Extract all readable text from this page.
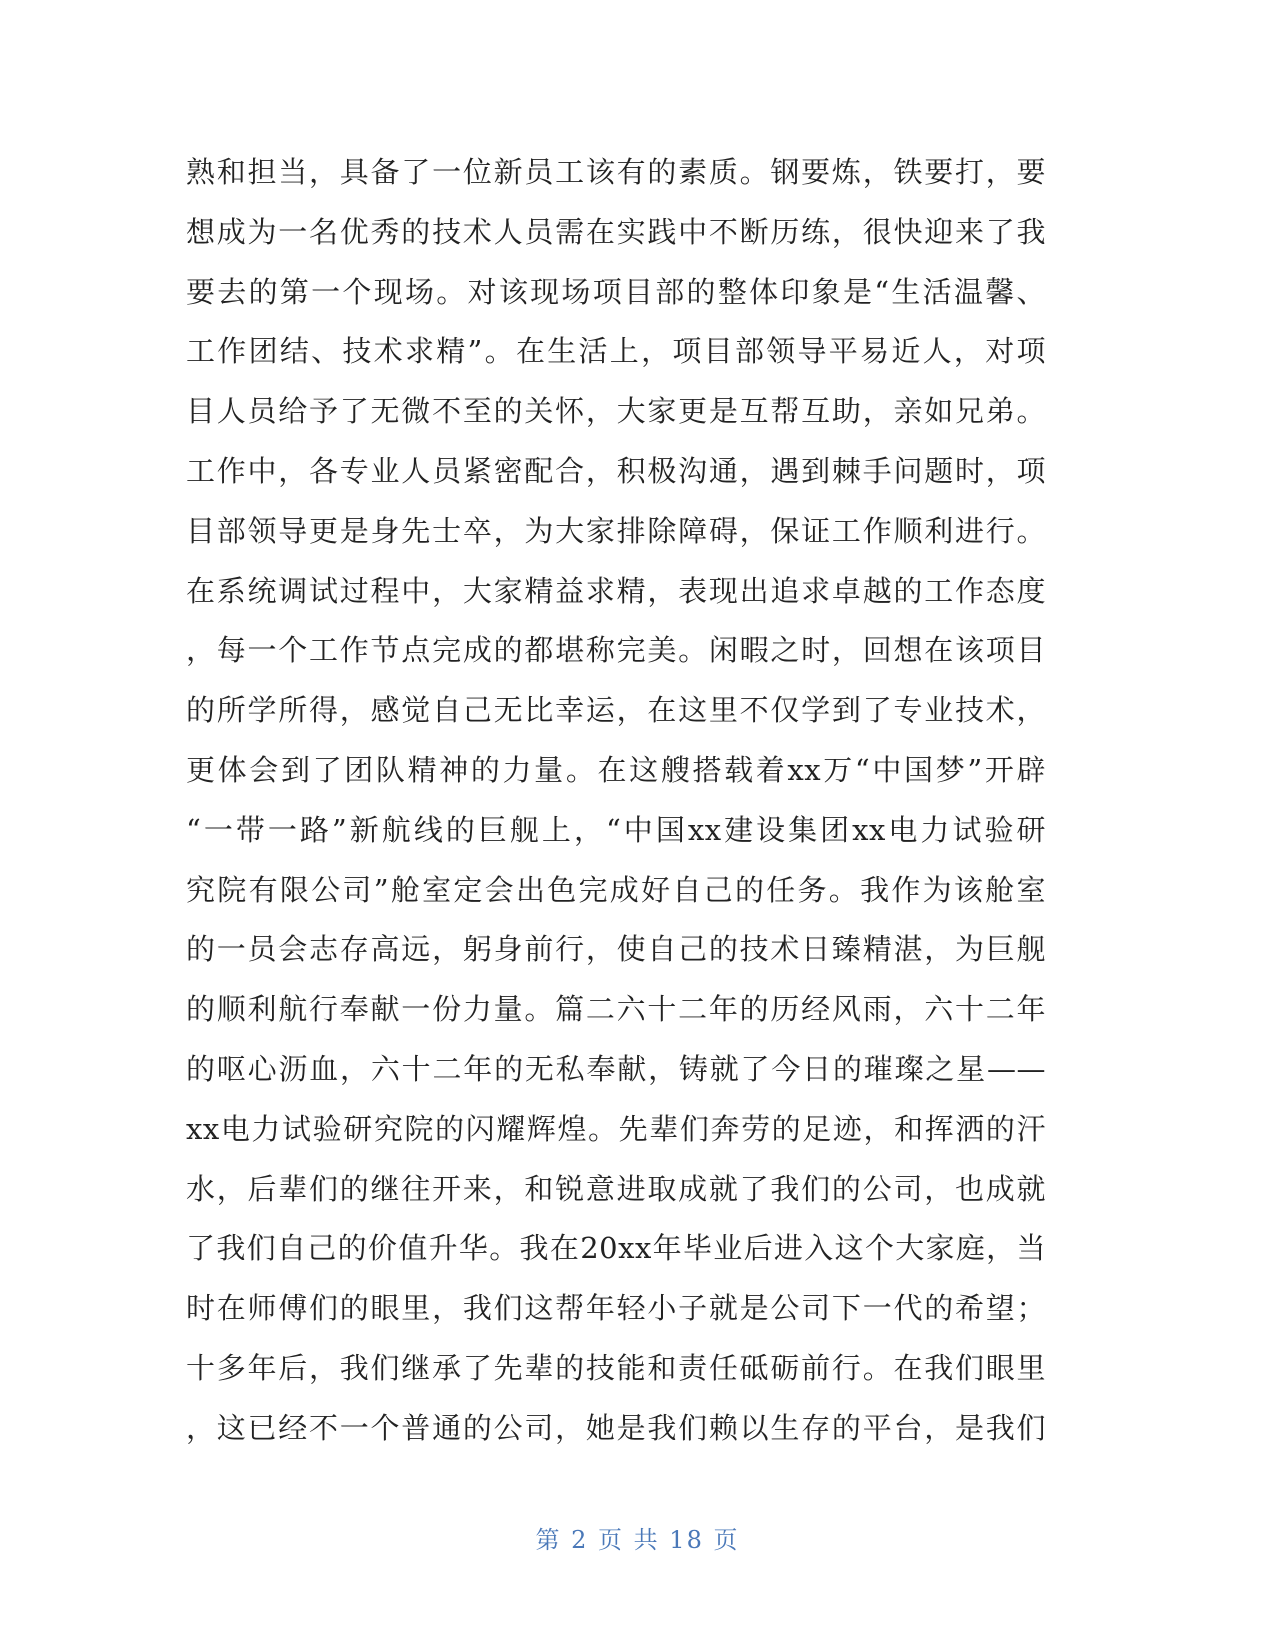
熟和担当，具备了一位新员工该有的素质。钢要炼，铁要打，要
想成为一名优秀的技术人员需在实践中不断历练，很快迎来了我
要去的第一个现场。对该现场项目部的整体印象是“生活温馨、
工作团结、技术求精”。在生活上，项目部领导平易近人，对项
目人员给予了无微不至的关怀，大家更是互帮互助，亲如兄弟。
工作中，各专业人员紧密配合，积极沟通，遇到棘手问题时，项
目部领导更是身先士卒，为大家排除障碍，保证工作顺利进行。
在系统调试过程中，大家精益求精，表现出追求卓越的工作态度
，每一个工作节点完成的都堪称完美。闲暇之时，回想在该项目
的所学所得，感觉自己无比幸运，在这里不仅学到了专业技术，
更体会到了团队精神的力量。在这艘搭载着xx万“中国梦”开辟
“一带一路”新航线的巨舰上，“中国xx建设集团xx电力试验研
究院有限公司”舱室定会出色完成好自己的任务。我作为该舱室
的一员会志存高远，躬身前行，使自己的技术日臻精湛，为巨舰
的顺利航行奉献一份力量。篇二六十二年的历经风雨，六十二年
的呕心沥血，六十二年的无私奉献，铸就了今日的璀璨之星——
xx电力试验研究院的闪耀辉煌。先辈们奔劳的足迹，和挥洒的汗
水，后辈们的继往开来，和锐意进取成就了我们的公司，也成就
了我们自己的价值升华。我在20xx年毕业后进入这个大家庭，当
时在师傅们的眼里，我们这帮年轻小子就是公司下一代的希望；
十多年后，我们继承了先辈的技能和责任砥砺前行。在我们眼里
，这已经不一个普通的公司，她是我们赖以生存的平台，是我们
第 2 页 共 18 页
